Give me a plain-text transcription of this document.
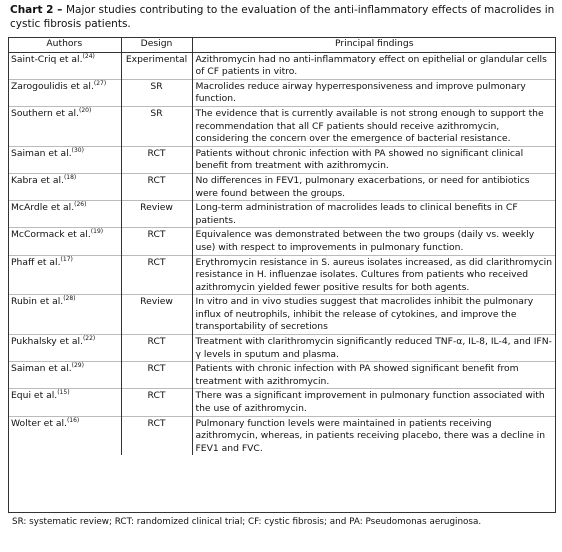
Chart 2 – Major studies contributing to the evaluation of the anti-inflammatory effects of macrolides in cystic fibrosis patients.
Authors	Design	Principal findings
Saint-Criq et al.$^{(24)}$	Experimental	Azithromycin had no anti-inflammatory effect on epithelial or glandular cells of CF patients in vitro.
Zarogoulidis et al.$^{(27)}$	SR	Macrolides reduce airway hyperresponsiveness and improve pulmonary function.
Southern et al.$^{(20)}$	SR	The evidence that is currently available is not strong enough to support the recommendation that all CF patients should receive azithromycin, considering the concern over the emergence of bacterial resistance.
Saiman et al.$^{(30)}$	RCT	Patients without chronic infection with PA showed no significant clinical benefit from treatment with azithromycin.
Kabra et al.$^{(18)}$	RCT	No differences in FEV1, pulmonary exacerbations, or need for antibiotics were found between the groups.
McArdle et al.$^{(26)}$	Review	Long-term administration of macrolides leads to clinical benefits in CF patients.
McCormack et al.$^{(19)}$	RCT	Equivalence was demonstrated between the two groups (daily vs. weekly use) with respect to improvements in pulmonary function.
Phaff et al.$^{(17)}$	RCT	Erythromycin resistance in S. aureus isolates increased, as did clarithromycin resistance in H. influenzae isolates. Cultures from patients who received azithromycin yielded fewer positive results for both agents.
Rubin et al.$^{(28)}$	Review	In vitro and in vivo studies suggest that macrolides inhibit the pulmonary influx of neutrophils, inhibit the release of cytokines, and improve the transportability of secretions
Pukhalsky et al.$^{(22)}$	RCT	Treatment with clarithromycin significantly reduced TNF-α, IL-8, IL-4, and IFN-γ levels in sputum and plasma.
Saiman et al.$^{(29)}$	RCT	Patients with chronic infection with PA showed significant benefit from treatment with azithromycin.
Equi et al.$^{(15)}$	RCT	There was a significant improvement in pulmonary function associated with the use of azithromycin.
Wolter et al.$^{(16)}$	RCT	Pulmonary function levels were maintained in patients receiving azithromycin, whereas, in patients receiving placebo, there was a decline in FEV1 and FVC.
SR: systematic review; RCT: randomized clinical trial; CF: cystic fibrosis; and PA: Pseudomonas aeruginosa.
